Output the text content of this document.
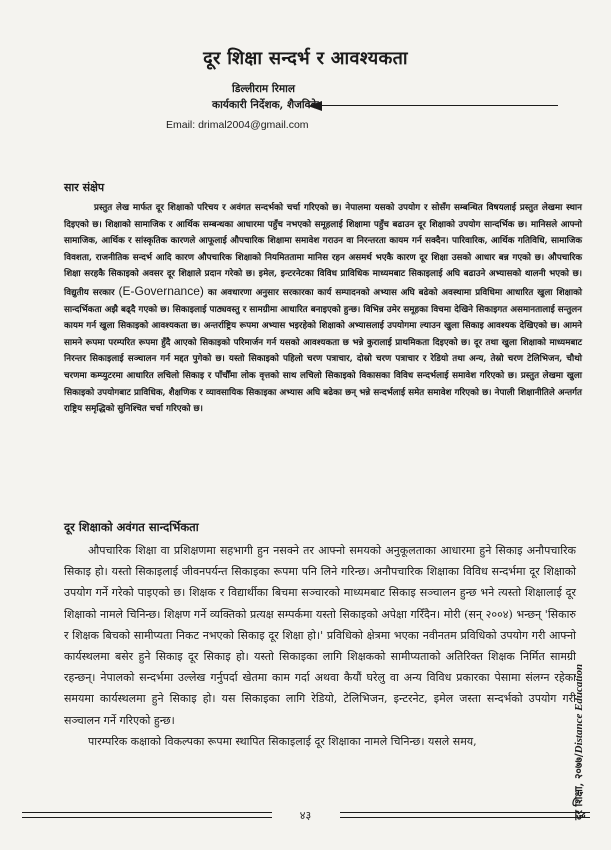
दूर शिक्षा सन्दर्भ र आवश्यकता
डिल्लीराम रिमाल
कार्यकारी निर्देशक, शैजविके
Email: drimal2004@gmail.com
सार संक्षेप

प्रस्तुत लेख मार्फत दूर शिक्षाको परिचय र अवंगत सन्दर्भको चर्चा गरिएको छ। नेपालमा यसको उपयोग र सोसँग सम्बन्धित विषयलाई प्रस्तुत लेखमा स्थान दिइएको छ। शिक्षाको सामाजिक र आर्थिक सम्बन्धका आधारमा पहुँच नभएको समूहलाई शिक्षामा पहुँच बढाउन दूर शिक्षाको उपयोग सान्दर्भिक छ। मानिसले आफ्नो सामाजिक, आर्थिक र सांस्कृतिक कारणले आफूलाई औपचारिक शिक्षामा समावेश गराउन वा निरन्तरता कायम गर्न सक्दैन। पारिवारिक, आर्थिक गतिविधि, सामाजिक विवशता, राजनीतिक सन्दर्भ आदि कारण औपचारिक शिक्षाको नियमिततामा मानिस रहन असमर्थ भएकै कारण दूर शिक्षा उसको आधार बन्न गएको छ। औपचारिक शिक्षा सरहकै सिकाइको अवसर दूर शिक्षाले प्रदान गरेको छ। इमेल, इन्टरनेटका विविध प्राविधिक माध्यमबाट सिकाइलाई अघि बढाउने अभ्यासको थालनी भएको छ। विद्युतीय सरकार (E-Governance) का अवधारणा अनुसार सरकारका कार्य सम्पादनको अभ्यास अघि बढेको अवस्थामा प्रविधिमा आधारित खुला शिक्षाको सान्दर्भिकता अझै बढ्दै गएको छ। सिकाइलाई पाठ्यवस्तु र सामग्रीमा आधारित बनाइएको हुन्छ। विभिन्न उमेर समूहका विचमा देखिने सिकाइगत असमानतालाई सन्तुलन कायम गर्न खुला सिकाइको आवश्यकता छ। अन्तर्राष्ट्रिय रूपमा अभ्यास भइरहेको शिक्षाको अभ्यासलाई उपयोगमा ल्याउन खुला सिकाइ आवश्यक देखिएको छ। आमने सामने रूपमा परम्परित रूपमा हुँदै आएको सिकाइको परिमार्जन गर्न यसको आवश्यकता छ भन्ने कुरालाई प्राथमिकता दिइएको छ। दूर तथा खुला शिक्षाको माध्यमबाट निरन्तर सिकाइलाई सञ्चालन गर्न मद्दत पुगेको छ। यस्तो सिकाइको पहिलो चरण पत्राचार, दोस्रो चरण पत्राचार र रेडियो तथा अन्य, तेस्रो चरण टेलिभिजन, चौथो चरणमा कम्प्युटरमा आधारित लचिलो सिकाइ र पाँचौँमा लोक वृत्तको साथ लचिलो सिकाइको विकासका विविध सन्दर्भलाई समावेश गरिएको छ। प्रस्तुत लेखमा खुला सिकाइको उपयोगबाट प्राविधिक, शैक्षणिक र व्यावसायिक सिकाइका अभ्यास अघि बढेका छन् भन्ने सन्दर्भलाई समेत समावेश गरिएको छ। नेपाली शिक्षानीतिले अन्तर्गत राष्ट्रिय समृद्धिको सुनिश्चित चर्चा गरिएको छ।

दूर शिक्षाको अवंगत सान्दर्भिकता

औपचारिक शिक्षा वा प्रशिक्षणमा सहभागी हुन नसक्ने तर आफ्नो समयको अनुकूलताका आधारमा हुने सिकाइ अनौपचारिक सिकाइ हो। यस्तो सिकाइलाई जीवनपर्यन्त सिकाइका रूपमा पनि लिने गरिन्छ। अनौपचारिक शिक्षाका विविध सन्दर्भमा दूर शिक्षाको उपयोग गर्ने गरेको पाइएको छ। शिक्षक र विद्यार्थीका बिचमा सञ्चारको माध्यमबाट सिकाइ सञ्चालन हुन्छ भने त्यस्तो शिक्षालाई दूर शिक्षाको नामले चिनिन्छ। शिक्षण गर्ने व्यक्तिको प्रत्यक्ष सम्पर्कमा यस्तो सिकाइको अपेक्षा गरिँदैन। मोरी (सन् २००४) भन्छन् 'सिकारु र शिक्षक बिचको सामीप्यता निकट नभएको सिकाइ दूर शिक्षा हो।' प्रविधिको क्षेत्रमा भएका नवीनतम प्रविधिको उपयोग गरी आफ्नो कार्यस्थलमा बसेर हुने सिकाइ दूर सिकाइ हो। यस्तो सिकाइका लागि शिक्षकको सामीप्यताको अतिरिक्त शिक्षक निर्मित सामग्री रहन्छन्। नेपालको सन्दर्भमा उल्लेख गर्नुपर्दा खेतमा काम गर्दा अथवा कैयौं घरेलु वा अन्य विविध प्रकारका पेसामा संलग्न रहेका समयमा कार्यस्थलमा हुने सिकाइ हो। यस सिकाइका लागि रेडियो, टेलिभिजन, इन्टरनेट, इमेल जस्ता सन्दर्भको उपयोग गरी सञ्चालन गर्ने गरिएको हुन्छ।

पारम्परिक कक्षाको विकल्पका रूपमा स्थापित सिकाइलाई दूर शिक्षाका नामले चिनिन्छ। यसले समय,

दूर शिक्षा, २०७७/Distance Education
४३
